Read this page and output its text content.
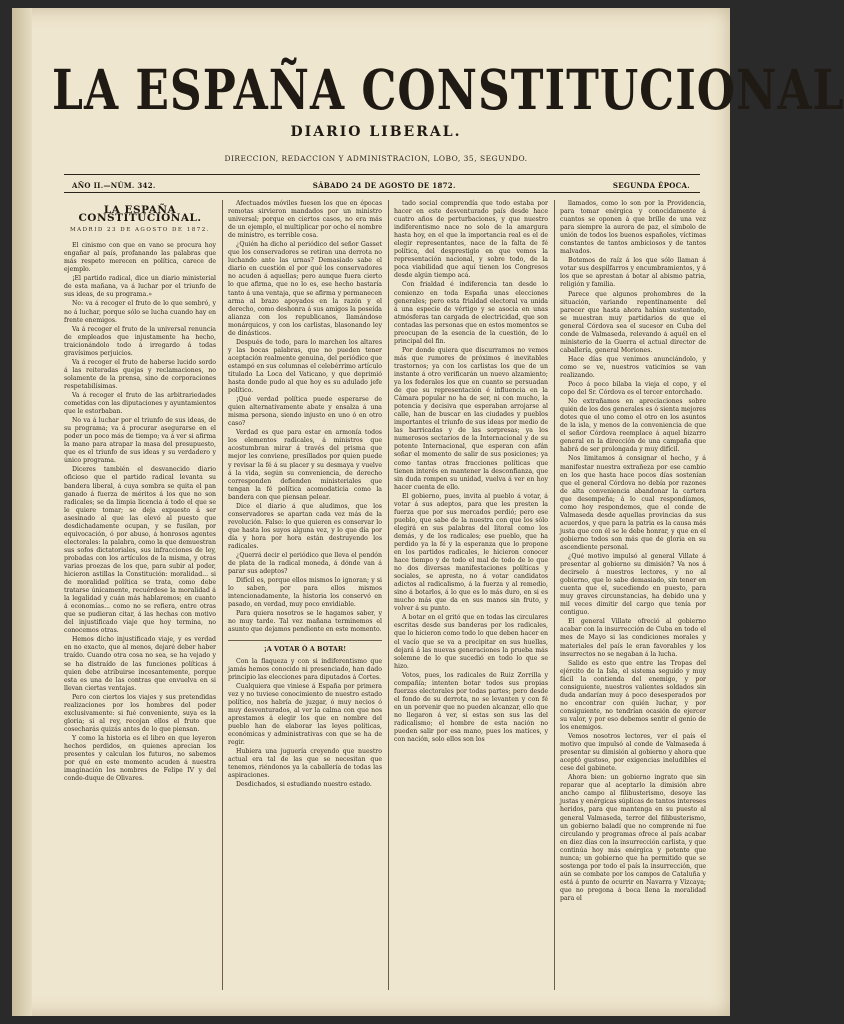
LA ESPAÑA CONSTITUCIONAL
DIARIO LIBERAL.
DIRECCION, REDACCION Y ADMINISTRACION, LOBO, 35, SEGUNDO.
AÑO II.—NÚM. 342.	SÁBADO 24 DE AGOSTO DE 1872.	SEGUNDA ÉPOCA.
LA ESPAÑA CONSTITUCIONAL.
MADRID 23 DE AGOSTO DE 1872.

El cinismo con que en vano se procura hoy engañar al país, profanando las palabras que más respeto merecen en política, carece de ejemplo.

¡El partido radical, dice un diario ministerial de esta mañana, va á luchar por el triunfo de sus ideas, de su programa.»

No: va á recoger el fruto de lo que sembró, y no á luchar, porque sólo se lucha cuando hay en frente enemigos.

Va á recoger el fruto de la universal renuncia de empleados que injustamente ha hecho, traicionándolo todo á irregardo á todas gravísimos perjuicios.

Va á recoger el fruto de haberse lucido sordo á las reiteradas quejas y reclamaciones, no solamente de la prensa, sino de corporaciones respetabilísimas.

Va á recoger el fruto de las arbitrariedades cometidas con las diputaciones y ayuntamientos que le estorbaban.

No va á luchar por el triunfo de sus ideas, de su programa; va á procurar asegurarse en el poder un poco más de tiempo; va á ver si afirma la mano para atrapar la masa del presupuesto, que es el triunfo de sus ideas y su verdadero y único programa.

Diceres también el desvanecido diario oficioso que el partido radical levanta su bandera liberal, á cuya sombra se quita el pan ganado á fuerza de méritos á los que no son radicales; se da limpia licencia á todo el que se le quiere tomar; se deja expuesto á ser asesinado al que las elevó al puesto que desdichadamente ocupan, y se fusilan, por equivocación, ó por abuso, á honrosos agentes electorales: la palabra, como la que demuestran sus sofos dictatoriales, sus infracciones de ley, probadas con los artículos de la misma, y otras varias proezas de los que, para subir al poder, hicieron astillas la Constitución: moralidad... si de moralidad política se trata, como debe tratarse únicamente, recuérdese la moralidad á la legalidad y cuán más hablaremos; en cuanto á economías... como no se refiera, entre otras que se pudieran citar, á las hechas con motivo del injustificado viaje que hoy termina, no conocemos otras.

Hemos dicho injustificado viaje, y es verdad en no exacto, que al menos, dejaré deber haber traído. Cuando otra cosa no sea, se ha vejado y se ha distraído de las funciones políticas á quien debe atribuirse incesantemente, porque esta es una de las contras que envuelva en si llevan ciertas ventajas.

Pero con ciertos los viajes y sus pretendidas realizaciones por los hombres del poder exclusivamente: si fué conveniente, suya es la gloria; si al rey, recojan ellos el fruto que cosecharás quizás antes de lo que piensan.

Y como la historia es el libro en que leyeron hechos perdidos, en quienes aprecian los presentes y calculan los futuros, no sabemos por qué en este momento acuden á nuestra imaginación los nombres de Felipe IV y del conde-duque de Olivares.

Afectuados móviles fuesen los que en épocas remotas sirvieron mandados por un ministro universal; porque en ciertos casos, no era más de un ejemplo, el multiplicar por ocho el nombre de ministro, es terrible cosa.

¿Quién ha dicho al periódico del señor Gasset que los conservadores se retiran una derrota no luchando ante las urnas? Demasiado sabe el diario en cuestión el por qué los conservadores no acuden á aquellas; pero aunque fuera cierto lo que afirma, que no lo es, ese hecho bastaría tanto á una ventaja, que se afirma y permanecen arma al brazo apoyados en la razón y el derecho, como deshonra á sus amigos la poseída alianza con los republicanos, llamándose monárquicos, y con los carlistas, blasonando ley de dinásticos.

Después de todo, para lo marchen los altares y las bocas palabras, que no pueden tener aceptación realmente genuina, del periódico que estampó en sus columnas el celebérrimo artículo titulado La Loca del Vaticano, y que deprimió hasta donde pudo al que hoy es su adulado jefe político.

¡Qué verdad política puede esperarse de quien alternativamente abate y ensalza á una misma persona, siendo injusto en uno ó en otro caso?

Verdad es que para estar en armonía todos los elementos radicales, á ministros que acostumbran mirar á través del prisma que mejor les conviene, presillados por quien puede y revisar la fé á su placer y su desmaya y vuelve á la vida, según su conveniencia, de derecho corresponden defienden ministeriales que tengan la fé política acomodaticia como la bandera con que piensan pelear.

Dice el diario á que aludimos, que los conservadores se apartan cada vez más de la revolución. Falso: lo que quieren es conservar lo que hasta los suyos alguna vez, y lo que día por día y hora por hora están destruyendo los radicales.

¿Querrá decir el periódico que lleva el pendón de plata de la radical moneda, á dónde van á parar sus adeptos?

Difícil es, porque ellos mismos lo ignoran; y si lo saben, por para ellos mismos intencionadamente, la historia los conservó en pasado, en verdad, muy poco envidiable.

Para quiera nosotros se le hagamos saber, y no muy tarde. Tal vez mañana terminemos el asunto que dejamos pendiente en este momento.

¡A VOTAR Ó A BOTAR!

Con la flaqueza y con si indiferentismo que jamás hemos conocido ni presenciado, han dado principio las elecciones para diputados á Cortes.

Cualquiera que viniese á España por primera vez y no tuviese conocimiento de nuestro estado político, nos habría de juzgar, ó muy necios ó muy desventurados, al ver la calma con que nos aprestamos á elegir los que en nombre del pueblo han de elaborar las leyes políticas, económicas y administrativas con que se ha de regir.

Hubiera una juguería creyendo que nuestro actual era tal de las que se necesitan que tenemos, riéndonos ya la caballería de todas las aspiraciones.

Desdichados, si estudiando nuestro estado.

tado social comprendía que todo estaba por hacer en este desventurado país desde hace cuatro años de perturbaciones, y que nuestro indiferentismo nace no solo de la amargura hasta hoy, en el que la importancia real es el de elegir representantes, nace de la falta de fé política, del desprestigio en que vemos la representación nacional, y sobre todo, de la poca viabilidad que aquí tienen los Congresos desde algún tiempo acá.

Con frialdad é indiferencia tan desde lo comienzo en toda España unas elecciones generales; pero esta frialdad electoral va unida á una especie de vértigo y se asocia en unas atmósferas tan cargada de electricidad, que son contadas las personas que en estos momentos se preocupan de la esencia de la cuestión, de lo principal del fin.

Por donde quiera que discurramos no vemos más que rumores de próximos é inevitables trastornos; ya con los carlistas los que de un instante á otro verificarán un nuevo alzamiento; ya los federales los que en cuanto se persuadan de que su representación é influencia en la Cámara popular no ha de ser, ni con mucho, la potencia y decisiva que esperaban arrojarse al calle, han de buscar en las ciudades y pueblos importantes el triunfo de sus ideas por medio de las barricadas y de las sorpresas; ya los numerosos sectarios de la Internacional y de su potente Internacional, que esperan con afán soñar el momento de salir de sus posiciones; ya como tantas otras fracciones políticas que tienen interés en mantener la desconfianza, que sin duda rompen su unidad, vuelva á ver en hoy hacer cuenta de ello.

El gobierno, pues, invita al pueblo á votar, á votar á sus adeptos, para que les presten la fuerza que por sus mercados perdió; pero ese pueblo, que sabe de la nuestra con que los sólo elegirá en sus palabras del litoral como los demás, y de los radicales; ese pueblo, que ha perdido ya la fé y la esperanza que lo propone en los partidos radicales, le hicieron conocer hace tiempo y de todo el mal de todo de lo que no dos diversas manifestaciones políticas y sociales, se apresta, no á votar candidatos adictos al radicalismo, á la fuerza y al remedio, sino á botarlos, á lo que es lo más duro, en si es mucho más que da en sus manos sin fruto, y volver á su punto.

A botar en el gritó que en todas las circulares escritas desde sus banderas por los radicales, que lo hicieron como todo lo que deben hacer en el vacío que se va a precipitar en sus huellas, dejará á las nuevas generaciones la prueba más solemne de lo que sucedió en todo lo que se hizo.

Votos, pues, los radicales de Ruiz Zorrilla y compañía; intenten botar todos sus propias fuerzas electorales por todas partes; pero desde el fondo de su derrota, no se levanten y con fé en un porvenir que no pueden alcanzar, ello que no llegaron á ver, si estas son sus las del radicalismo; el hombre de esta nación no pueden salir por esa mano, pues los matices, y con nación, solo ellos son los

llamados, como lo son por la Providencia, para tomar enérgica y conocidamente á cuantos se oponen á que brille de una vez para siempre la aurora de paz, el símbolo de unión de todos los buenos españoles, víctimas constantes de tantos ambiciosos y de tantos malvados.

Botemos de raíz á los que sólo llaman á votar sus despilfarros y encumbramientos, y á los que se aprestan á botar al abismo patria, religión y familia.

Parece que algunos prohombres de la situación, variando repentinamente del parecer que hasta ahora habían sustentado, se muestran muy partidarios de que el general Córdova sea el sucesor en Cuba del conde de Valmaseda, relevando á aquél en el ministerio de la Guerra el actual director de caballería, general Moriones.

Hace días que venimos anunciándolo, y como se ve, nuestros vaticinios se van realizando.

Poco á poco bilaba la vieja el copo, y el copo del Sr. Córdova es el tercer entorchado.

No extrañamos en apreciaciones sobre quién de los dos generales es ó sienta mejores dotes que el uno como el otro en los asuntos de la isla, y menos de la conveniencia de que el señor Córdova reemplace á aquel bizarro general en la dirección de una campaña que habrá de ser prolongada y muy difícil.

Nos limitamos á consignar el hecho, y á manifestar nuestra extrañeza por ese cambio en los que hasta hace pocos días sostenían que el general Córdova no debía por razones de alta conveniencia abandonar la cartera que desempeña; á lo cual respondíamos, como hoy respondemos, que el conde de Valmaseda desde aquellas provincias da sus acuerdos, y que para la patria es la causa más justa que con él se le debe honrar, y que en el gobierno todos son más que de gloria en su ascendiente personal.

¿Qué motivo impulsó al general Villate á presentar al gobierno su dimisión? Va nos á decirselo á nuestros lectores, y no al gobierno, que lo sabe demasiado, sin tener en cuenta que el, sucediendo en puesto, para muy graves circunstancias, ha debido una y mil veces dimitir del cargo que tenía por contiguo.

El general Villate ofreció al gobierno acabar con la insurrección de Cuba en todo el mes de Mayo si las condiciones morales y materiales del país le eran favorables y los insurrectos no se negaban á la lucha.

Salido es esto que entre las Tropas del ejército de la Isla, el sistema seguido y muy fácil la contienda del enemigo, y por consiguiente, nuestros valientes soldados sin duda andarían muy á poco desesperados por no encontrar con quién luchar, y por consiguiente, no tendrían ocasión de ejercer su valor, y por eso debemos sentir el genio de los enemigos.

Vemos nosotros lectores, ver el país el motivo que impulsó al conde de Valmaseda á presentar su dimisión al gobierno y ahora que aceptó gustoso, por exigencias ineludibles el cese del gabinete.

Ahora bien: un gobierno ingrato que sin reparar que al aceptarlo la dimisión abre ancho campo al filibusterismo, desoye las justas y enérgicas súplicas de tantos intereses heridos, para que mantenga en su puesto al general Valmaseda, terror del filibusterismo, un gobierno baladí que no comprende ni fue circulando y programas ofrece al país acabar en diez días con la insurrección carlista, y que continúa hoy más enérgica y potente que nunca; un gobierno que ha permitido que se sostenga por todo el país la insurrección, que aún se combate por los campos de Cataluña y está á punto de ocurrir en Navarra y Vizcaya; que no pregona á boca llena la moralidad para el
